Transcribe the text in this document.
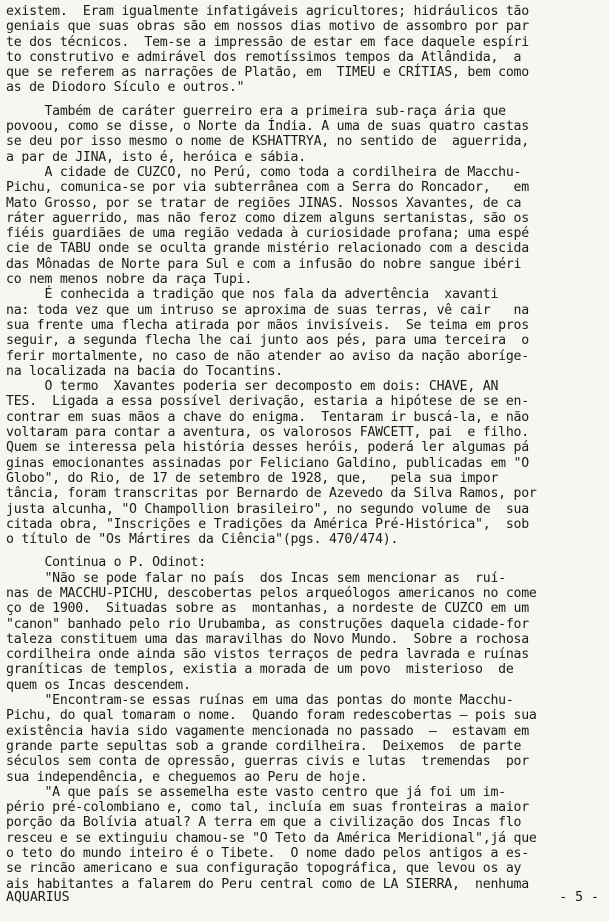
existem.  Eram igualmente infatigáveis agricultores; hidráulicos tão
geniais que suas obras são em nossos dias motivo de assombro por par
te dos técnicos.  Tem-se a impressão de estar em face daquele espíri
to construtivo e admirável dos remotíssimos tempos da Atlândida,  a
que se referem as narrações de Platão, em  TIMEU e CRÍTIAS, bem como
as de Diodoro Sículo e outros."
Também de caráter guerreiro era a primeira sub-raça ária que
povoou, como se disse, o Norte da Índia. A uma de suas quatro castas
se deu por isso mesmo o nome de KSHATTRYA, no sentido de  aguerrida,
a par de JINA, isto é, heróica e sábia.
A cidade de CUZCO, no Perú, como toda a cordilheira de Macchu-
Pichu, comunica-se por via subterrânea com a Serra do Roncador,   em
Mato Grosso, por se tratar de regiões JINAS. Nossos Xavantes, de ca
ráter aguerrido, mas não feroz como dizem alguns sertanistas, são os
fiéis guardiães de uma região vedada à curiosidade profana; uma espé
cie de TABU onde se oculta grande mistério relacionado com a descida
das Mônadas de Norte para Sul e com a infusão do nobre sangue ibéri
co nem menos nobre da raça Tupi.
É conhecida a tradição que nos fala da advertência  xavanti
na: toda vez que um intruso se aproxima de suas terras, vê cair   na
sua frente uma flecha atirada por mãos invisíveis.  Se teima em pros
seguir, a segunda flecha lhe cai junto aos pés, para uma terceira  o
ferir mortalmente, no caso de não atender ao aviso da nação aboríge-
na localizada na bacia do Tocantins.
O termo  Xavantes poderia ser decomposto em dois: CHAVE, AN
TES.  Ligada a essa possível derivação, estaria a hipótese de se en-
contrar em suas mãos a chave do enigma.  Tentaram ir buscá-la, e não
voltaram para contar a aventura, os valorosos FAWCETT, pai  e filho.
Quem se interessa pela história desses heróis, poderá ler algumas pá
ginas emocionantes assinadas por Feliciano Galdino, publicadas em "O
Globo", do Rio, de 17 de setembro de 1928, que,   pela sua impor
tância, foram transcritas por Bernardo de Azevedo da Silva Ramos, por
justa alcunha, "O Champollion brasileiro", no segundo volume de  sua
citada obra, "Inscrições e Tradições da América Pré-Histórica",  sob
o título de "Os Mártires da Ciência"(pgs. 470/474).
Continua o P. Odinot:
"Não se pode falar no país  dos Incas sem mencionar as  ruí-
nas de MACCHU-PICHU, descobertas pelos arqueólogos americanos no come
ço de 1900.  Situadas sobre as  montanhas, a nordeste de CUZCO em um
"canon" banhado pelo rio Urubamba, as construções daquela cidade-for
taleza constituem uma das maravilhas do Novo Mundo.  Sobre a rochosa
cordilheira onde ainda são vistos terraços de pedra lavrada e ruínas
graníticas de templos, existia a morada de um povo  misterioso  de
quem os Incas descendem.
"Encontram-se essas ruínas em uma das pontas do monte Macchu-
Pichu, do qual tomaram o nome.  Quando foram redescobertas — pois sua
existência havia sido vagamente mencionada no passado  —  estavam em
grande parte sepultas sob a grande cordilheira.  Deixemos  de parte
séculos sem conta de opressão, guerras civis e lutas  tremendas  por
sua independência, e cheguemos ao Peru de hoje.
"A que país se assemelha este vasto centro que já foi um im-
pério pré-colombiano e, como tal, incluía em suas fronteiras a maior
porção da Bolívia atual? A terra em que a civilização dos Incas flo
resceu e se extinguiu chamou-se "O Teto da América Meridional",já que
o teto do mundo inteiro é o Tibete.  O nome dado pelos antigos a es-
se rincão americano e sua configuração topográfica, que levou os ay
ais habitantes a falarem do Peru central como de LA SIERRA,  nenhuma
AQUARIUS	- 5 -
